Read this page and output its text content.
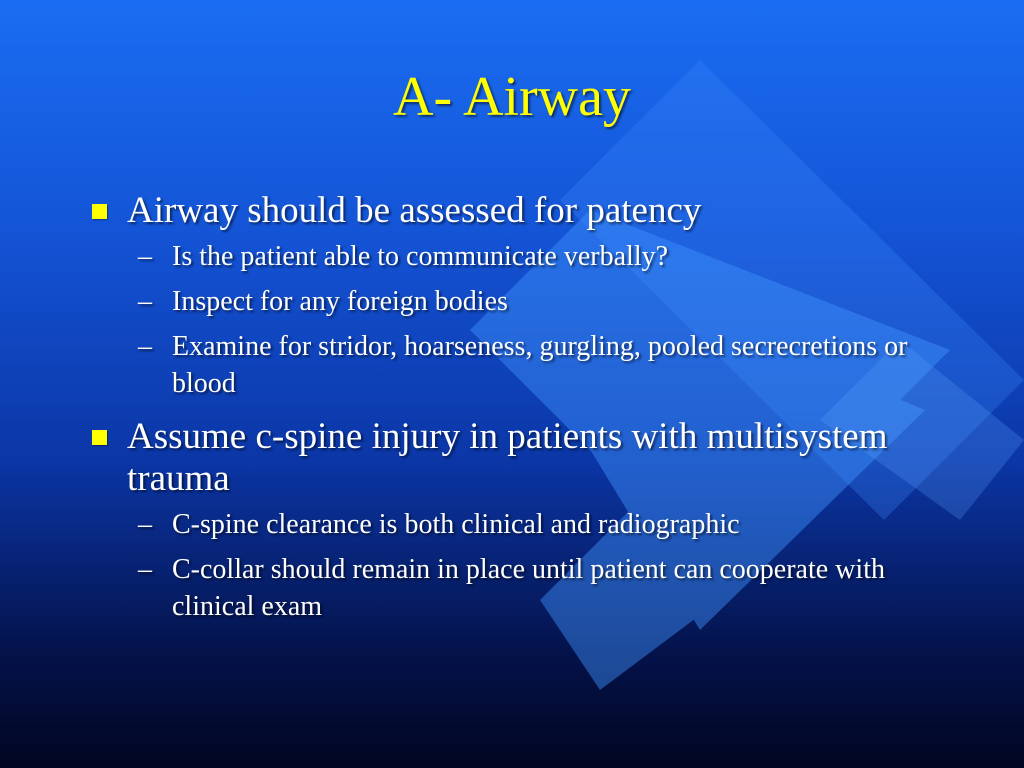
A- Airway
Airway should be assessed for patency
– Is the patient able to communicate verbally?
– Inspect for any foreign bodies
– Examine for stridor, hoarseness, gurgling, pooled secrecretions or blood
Assume c-spine injury in patients with multisystem trauma
– C-spine clearance is both clinical and radiographic
– C-collar should remain in place until patient can cooperate with clinical exam
